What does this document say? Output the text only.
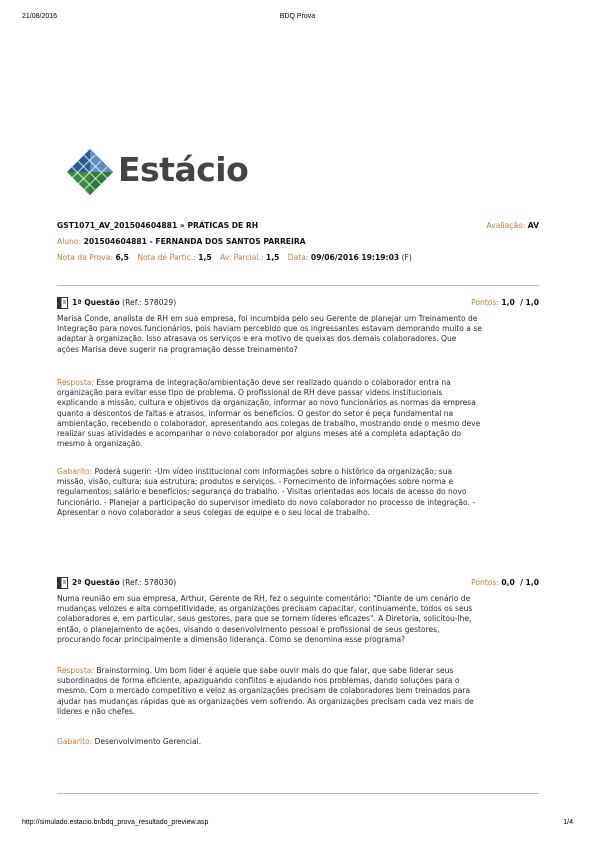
21/08/2016	BDQ Prova
Estácio
GST1071_AV_201504604881 » PRÁTICAS DE RH	Avaliação: AV
Aluno: 201504604881 - FERNANDA DOS SANTOS PARREIRA
Nota da Prova: 6,5 Nota de Partic.: 1,5 Av. Parcial.: 1,5 Data: 09/06/2016 19:19:03 (F)
1ª Questão (Ref.: 578029)	Pontos: 1,0  / 1,0
Marisa Conde, analista de RH em sua empresa, foi incumbida pelo seu Gerente de planejar um Treinamento de
Integração para novos funcionários, pois haviam percebido que os ingressantes estavam demorando muito a se
adaptar à organização. Isso atrasava os serviços e era motivo de queixas dos demais colaboradores. Que
ações Marisa deve sugerir na programação desse treinamento?
Resposta: Esse programa de integração/ambientação deve ser realizado quando o colaborador entra na
organização para evitar esse tipo de problema. O profissional de RH deve passar videos institucionais
explicando a missão, cultura e objetivos da organização, informar ao novo funcionários as normas da empresa
quanto a descontos de faltas e atrasos, informar os beneficios. O gestor do setor é peça fundamental na
ambientação, recebendo o colaborador, apresentando aos colegas de trabalho, mostrando onde o mesmo deve
realizar suas atividades e acompanhar o novo colaborador por alguns meses até a completa adaptação do
mesmo à organização.
Gabarito: Poderá sugerir: -Um vídeo institucional com informações sobre o histórico da organização; sua
missão, visão, cultura; sua estrutura; produtos e serviços. - Fornecimento de informações sobre norma e
regulamentos; salário e benefícios; segurança do trabalho. - Visitas orientadas aos locais de acesso do novo
funcionário. - Planejar a participação do supervisor imediato do novo colaborador no processo de integração. -
Apresentar o novo colaborador a seus colegas de equipe e o seu local de trabalho.
2ª Questão (Ref.: 578030)	Pontos: 0,0  / 1,0
Numa reunião em sua empresa, Arthur, Gerente de RH, fez o seguinte comentário: "Diante de um cenário de
mudanças velozes e alta competitividade, as organizações precisam capacitar, continuamente, todos os seus
colaboradores e, em particular, seus gestores, para que se tornem líderes eficazes". A Diretoria, solicitou-lhe,
então, o planejamento de ações, visando o desenvolvimento pessoal e profissional de seus gestores,
procurando focar principalmente a dimensão liderança. Como se denomina esse programa?
Resposta: Brainstorming. Um bom lider é aquele que sabe ouvir mais do que falar, que sabe liderar seus
subordinados de forma eficiente, apaziguando conflitos e ajudando nos problemas, dando soluções para o
mesmo. Com o mercado competitivo e veloz as organizações precisam de colaboradores bem treinados para
ajudar nas mudanças rápidas que as organizações vem sofrendo. As organizações precisam cada vez mais de
líderes e não chefes.
Gabarito: Desenvolvimento Gerencial.
http://simulado.estacio.br/bdq_prova_resultado_preview.asp	1/4
